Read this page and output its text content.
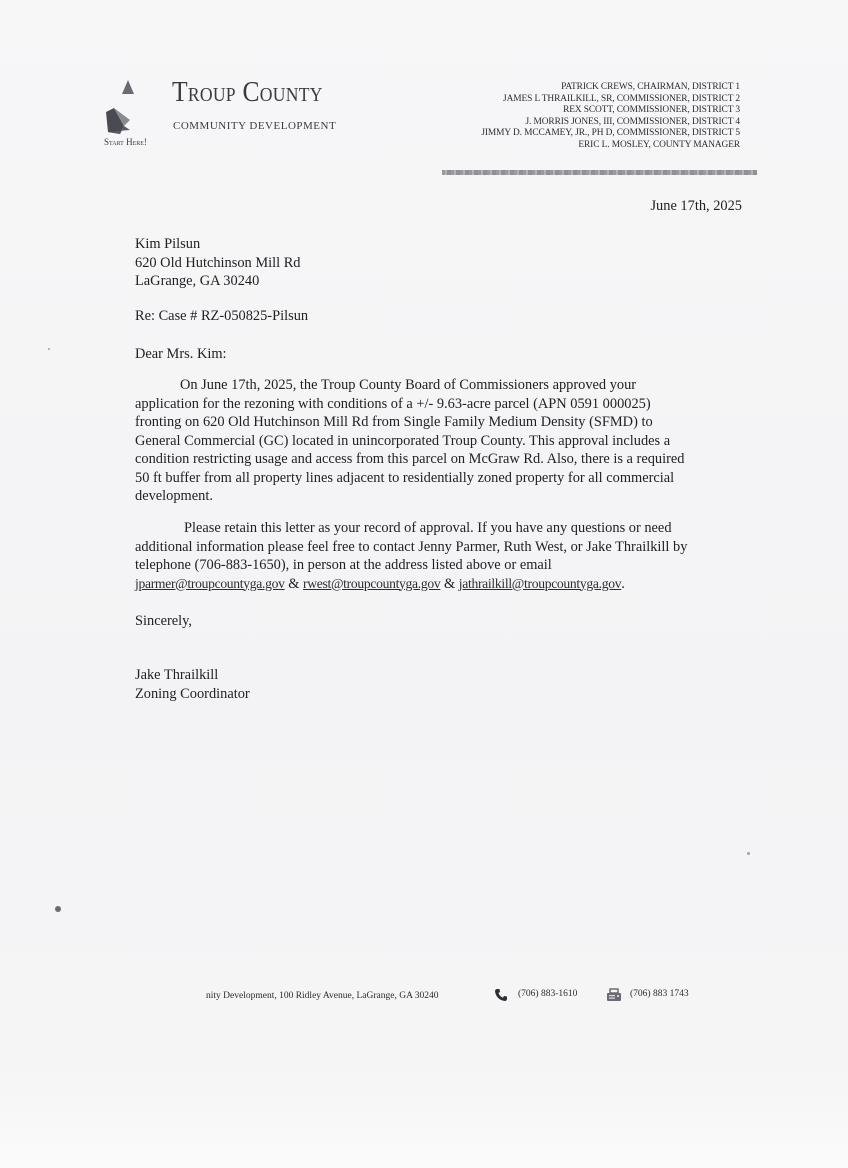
Troup County
COMMUNITY DEVELOPMENT
Start Here!
PATRICK CREWS, CHAIRMAN, DISTRICT 1
JAMES L THRAILKILL, SR, COMMISSIONER, DISTRICT 2
REX SCOTT, COMMISSIONER, DISTRICT 3
J. MORRIS JONES, III, COMMISSIONER, DISTRICT 4
JIMMY D. MCCAMEY, JR., PH D, COMMISSIONER, DISTRICT 5
ERIC L. MOSLEY, COUNTY MANAGER
June 17th, 2025
Kim Pilsun
620 Old Hutchinson Mill Rd
LaGrange, GA 30240
Re: Case # RZ-050825-Pilsun
Dear Mrs. Kim:
On June 17th, 2025, the Troup County Board of Commissioners approved your
application for the rezoning with conditions of a +/- 9.63-acre parcel (APN 0591 000025)
fronting on 620 Old Hutchinson Mill Rd from Single Family Medium Density (SFMD) to
General Commercial (GC) located in unincorporated Troup County. This approval includes a
condition restricting usage and access from this parcel on McGraw Rd. Also, there is a required
50 ft buffer from all property lines adjacent to residentially zoned property for all commercial
development.
Please retain this letter as your record of approval. If you have any questions or need
additional information please feel free to contact Jenny Parmer, Ruth West, or Jake Thrailkill by
telephone (706-883-1650), in person at the address listed above or email
jparmer@troupcountyga.gov & rwest@troupcountyga.gov & jathrailkill@troupcountyga.gov.
Sincerely,
Jake Thrailkill
Zoning Coordinator
nity Development, 100 Ridley Avenue, LaGrange, GA 30240	(706) 883-1610	(706) 883 1743
